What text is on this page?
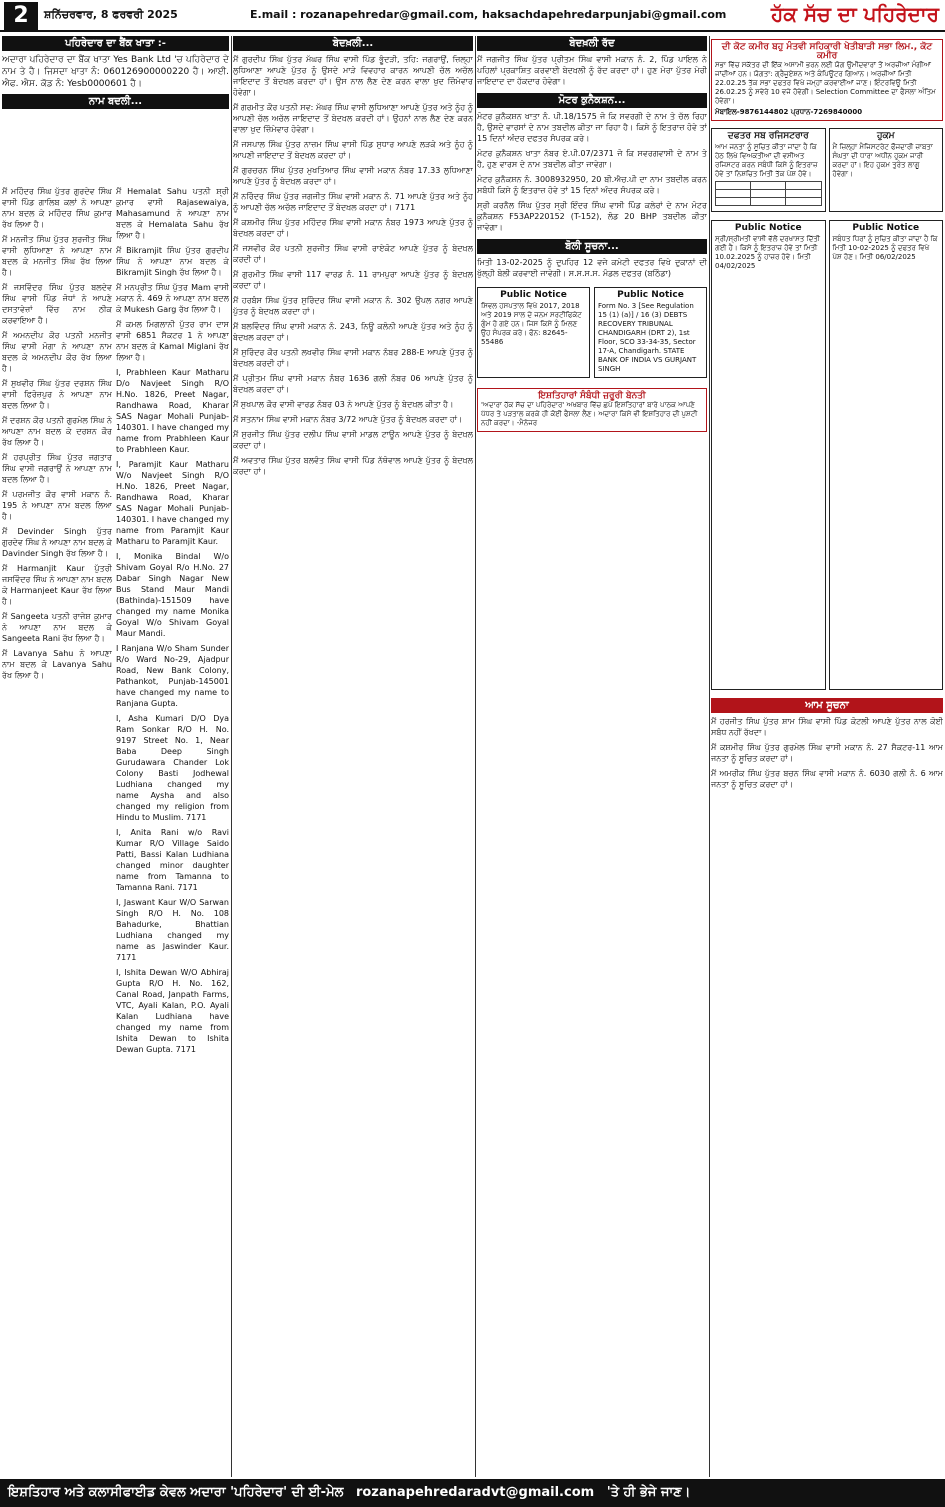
2	ਸ਼ਨਿੱਚਰਵਾਰ, 8 ਫਰਵਰੀ 2025	E.mail : rozanapehredar@gmail.com, haksachdapehredarpunjabi@gmail.com ਹੱਕ ਸੱਚ ਦਾ ਪਹਿਰੇਦਾਰ
ਪਹਿਰੇਦਾਰ ਦਾ ਬੈਂਕ ਖਾਤਾ :-
ਅਦਾਰਾ ਪਹਿਰੇਦਾਰ ਦਾ ਬੈਂਕ ਖਾਤਾ Yes Bank Ltd 'ਚ ਪਹਿਰੇਦਾਰ ਦੇ ਨਾਮ ਤੇ ਹੈ। ਜਿਸਦਾ ਖਾਤਾ ਨੰ: 060126900000220 ਹੈ। ਆਈ. ਐਫ. ਐਸ. ਕੋਡ ਨੰ: Yesb0000601 ਹੈ।
ਨਾਮ ਬਦਲੀ...
ਮੈਂ ਮਹਿੰਦਰ ਸਿੰਘ ਪੁੱਤਰ ਗੁਰਦੇਵ ਸਿੰਘ ਵਾਸੀ ਪਿੰਡ ਗਾਲਿਬ ਕਲਾਂ ਨੇ ਆਪਣਾ ਨਾਮ ਬਦਲ ਕੇ ਮਹਿੰਦਰ ਸਿੰਘ ਕੁਮਾਰ ਰੱਖ ਲਿਆ ਹੈ।
ਮੈਂ ਮਨਜੀਤ ਸਿੰਘ ਪੁੱਤਰ ਸੁਰਜੀਤ ਸਿੰਘ ਵਾਸੀ ਲੁਧਿਆਣਾ ਨੇ ਆਪਣਾ ਨਾਮ ਬਦਲ ਕੇ ਮਨਜੀਤ ਸਿੰਘ ਰੱਖ ਲਿਆ ਹੈ।
ਮੈਂ ਜਸਵਿੰਦਰ ਸਿੰਘ ਪੁੱਤਰ ਬਲਦੇਵ ਸਿੰਘ ਵਾਸੀ ਪਿੰਡ ਜੋਧਾਂ ਨੇ ਆਪਣੇ ਦਸਤਾਵੇਜ਼ਾਂ ਵਿੱਚ ਨਾਮ ਠੀਕ ਕਰਵਾਇਆ ਹੈ।
ਮੈਂ ਅਮਨਦੀਪ ਕੌਰ ਪਤਨੀ ਮਨਜੀਤ ਸਿੰਘ ਵਾਸੀ ਮੋਗਾ ਨੇ ਆਪਣਾ ਨਾਮ ਬਦਲ ਕੇ ਅਮਨਦੀਪ ਕੌਰ ਰੱਖ ਲਿਆ ਹੈ।
ਮੈਂ ਸੁਖਵੀਰ ਸਿੰਘ ਪੁੱਤਰ ਦਰਸ਼ਨ ਸਿੰਘ ਵਾਸੀ ਫਿਰੋਜ਼ਪੁਰ ਨੇ ਆਪਣਾ ਨਾਮ ਬਦਲ ਲਿਆ ਹੈ।
ਮੈਂ ਦਰਸ਼ਨ ਕੌਰ ਪਤਨੀ ਗੁਰਮੇਲ ਸਿੰਘ ਨੇ ਆਪਣਾ ਨਾਮ ਬਦਲ ਕੇ ਦਰਸ਼ਨ ਕੌਰ ਰੱਖ ਲਿਆ ਹੈ।
ਮੈਂ ਹਰਪ੍ਰੀਤ ਸਿੰਘ ਪੁੱਤਰ ਜਗਤਾਰ ਸਿੰਘ ਵਾਸੀ ਜਗਰਾਉਂ ਨੇ ਆਪਣਾ ਨਾਮ ਬਦਲ ਲਿਆ ਹੈ।
ਮੈਂ ਪਰਮਜੀਤ ਕੌਰ ਵਾਸੀ ਮਕਾਨ ਨੰ. 195 ਨੇ ਆਪਣਾ ਨਾਮ ਬਦਲ ਲਿਆ ਹੈ।
ਮੈਂ Devinder Singh ਪੁੱਤਰ ਗੁਰਦੇਵ ਸਿੰਘ ਨੇ ਆਪਣਾ ਨਾਮ ਬਦਲ ਕੇ Davinder Singh ਰੱਖ ਲਿਆ ਹੈ।
ਮੈਂ Harmanjit Kaur ਪੁੱਤਰੀ ਜਸਵਿੰਦਰ ਸਿੰਘ ਨੇ ਆਪਣਾ ਨਾਮ ਬਦਲ ਕੇ Harmanjeet Kaur ਰੱਖ ਲਿਆ ਹੈ।
ਮੈਂ Sangeeta ਪਤਨੀ ਰਾਜੇਸ਼ ਕੁਮਾਰ ਨੇ ਆਪਣਾ ਨਾਮ ਬਦਲ ਕੇ Sangeeta Rani ਰੱਖ ਲਿਆ ਹੈ।
ਮੈਂ Lavanya Sahu ਨੇ ਆਪਣਾ ਨਾਮ ਬਦਲ ਕੇ Lavanya Sahu ਰੱਖ ਲਿਆ ਹੈ।
ਮੈਂ Hemalat Sahu ਪਤਨੀ ਸ਼੍ਰੀ ਕੁਮਾਰ ਵਾਸੀ Rajasewaiya, Mahasamund ਨੇ ਆਪਣਾ ਨਾਮ ਬਦਲ ਕੇ Hemalata Sahu ਰੱਖ ਲਿਆ ਹੈ।
ਮੈਂ Bikramjit ਸਿੰਘ ਪੁੱਤਰ ਗੁਰਦੀਪ ਸਿੰਘ ਨੇ ਆਪਣਾ ਨਾਮ ਬਦਲ ਕੇ Bikramjit Singh ਰੱਖ ਲਿਆ ਹੈ।
ਮੈਂ ਮਨਪ੍ਰੀਤ ਸਿੰਘ ਪੁੱਤਰ Mam ਵਾਸੀ ਮਕਾਨ ਨੰ. 469 ਨੇ ਆਪਣਾ ਨਾਮ ਬਦਲ ਕੇ Mukesh Garg ਰੱਖ ਲਿਆ ਹੈ।
ਮੈਂ ਕਮਲ ਮਿਗਲਾਨੀ ਪੁੱਤਰ ਰਾਮ ਦਾਸ ਵਾਸੀ 6851 ਸੈਕਟਰ 1 ਨੇ ਆਪਣਾ ਨਾਮ ਬਦਲ ਕੇ Kamal Miglani ਰੱਖ ਲਿਆ ਹੈ।
I, Prabhleen Kaur Matharu D/o Navjeet Singh R/O H.No. 1826, Preet Nagar, Randhawa Road, Kharar SAS Nagar Mohali Punjab-140301. I have changed my name from Prabhleen Kaur to Prabhleen Kaur.
I, Paramjit Kaur Matharu W/o Navjeet Singh R/O H.No. 1826, Preet Nagar, Randhawa Road, Kharar SAS Nagar Mohali Punjab-140301. I have changed my name from Paramjit Kaur Matharu to Paramjit Kaur.
I, Monika Bindal W/o Shivam Goyal R/o H.No. 27 Dabar Singh Nagar New Bus Stand Maur Mandi (Bathinda)-151509 have changed my name Monika Goyal W/o Shivam Goyal Maur Mandi.
I Ranjana W/o Sham Sunder R/o Ward No-29, Ajadpur Road, New Bank Colony, Pathankot, Punjab-145001 have changed my name to Ranjana Gupta.
I, Asha Kumari D/O Dya Ram Sonkar R/O H. No. 9197 Street No. 1, Near Baba Deep Singh Gurudawara Chander Lok Colony Basti Jodhewal Ludhiana changed my name Aysha and also changed my religion from Hindu to Muslim. 7171
I, Anita Rani w/o Ravi Kumar R/O Village Saido Patti, Bassi Kalan Ludhiana changed minor daughter name from Tamanna to Tamanna Rani. 7171
I, Jaswant Kaur W/O Sarwan Singh R/O H. No. 108 Bahadurke, Bhattian Ludhiana changed my name as Jaswinder Kaur. 7171
I, Ishita Dewan W/O Abhiraj Gupta R/O H. No. 162, Canal Road, Janpath Farms, VTC, Ayali Kalan, P.O. Ayali Kalan Ludhiana have changed my name from Ishita Dewan to Ishita Dewan Gupta. 7171
ਬੇਦਖ਼ਲੀ...
ਮੈਂ ਗੁਰਦੀਪ ਸਿੰਘ ਪੁੱਤਰ ਮੱਘਰ ਸਿੰਘ ਵਾਸੀ ਪਿੰਡ ਭੂੰਦੜੀ, ਤਹਿ: ਜਗਰਾਉਂ, ਜ਼ਿਲ੍ਹਾ ਲੁਧਿਆਣਾ ਆਪਣੇ ਪੁੱਤਰ ਨੂੰ ਉਸਦੇ ਮਾੜੇ ਵਿਵਹਾਰ ਕਾਰਨ ਆਪਣੀ ਚੱਲ ਅਚੱਲ ਜਾਇਦਾਦ ਤੋਂ ਬੇਦਖ਼ਲ ਕਰਦਾ ਹਾਂ। ਉਸ ਨਾਲ ਲੈਣ ਦੇਣ ਕਰਨ ਵਾਲਾ ਖੁਦ ਜ਼ਿੰਮੇਵਾਰ ਹੋਵੇਗਾ।
ਮੈਂ ਗਰਮੀਤ ਕੌਰ ਪਤਨੀ ਸਵ: ਮੱਘਰ ਸਿੰਘ ਵਾਸੀ ਲੁਧਿਆਣਾ ਆਪਣੇ ਪੁੱਤਰ ਅਤੇ ਨੂੰਹ ਨੂੰ ਆਪਣੀ ਚੱਲ ਅਚੱਲ ਜਾਇਦਾਦ ਤੋਂ ਬੇਦਖ਼ਲ ਕਰਦੀ ਹਾਂ। ਉਹਨਾਂ ਨਾਲ ਲੈਣ ਦੇਣ ਕਰਨ ਵਾਲਾ ਖੁਦ ਜ਼ਿੰਮੇਵਾਰ ਹੋਵੇਗਾ।
ਮੈਂ ਜਸਪਾਲ ਸਿੰਘ ਪੁੱਤਰ ਨਾਜ਼ਮ ਸਿੰਘ ਵਾਸੀ ਪਿੰਡ ਸੁਧਾਰ ਆਪਣੇ ਲੜਕੇ ਅਤੇ ਨੂੰਹ ਨੂੰ ਆਪਣੀ ਜਾਇਦਾਦ ਤੋਂ ਬੇਦਖ਼ਲ ਕਰਦਾ ਹਾਂ।
ਮੈਂ ਗੁਰਚਰਨ ਸਿੰਘ ਪੁੱਤਰ ਮੁਖਤਿਆਰ ਸਿੰਘ ਵਾਸੀ ਮਕਾਨ ਨੰਬਰ 17.33 ਲੁਧਿਆਣਾ ਆਪਣੇ ਪੁੱਤਰ ਨੂੰ ਬੇਦਖ਼ਲ ਕਰਦਾ ਹਾਂ।
ਮੈਂ ਨਰਿੰਦਰ ਸਿੰਘ ਪੁੱਤਰ ਜਗਜੀਤ ਸਿੰਘ ਵਾਸੀ ਮਕਾਨ ਨੰ. 71 ਆਪਣੇ ਪੁੱਤਰ ਅਤੇ ਨੂੰਹ ਨੂੰ ਆਪਣੀ ਚੱਲ ਅਚੱਲ ਜਾਇਦਾਦ ਤੋਂ ਬੇਦਖ਼ਲ ਕਰਦਾ ਹਾਂ। 7171
ਮੈਂ ਕਸ਼ਮੀਰ ਸਿੰਘ ਪੁੱਤਰ ਮਹਿੰਦਰ ਸਿੰਘ ਵਾਸੀ ਮਕਾਨ ਨੰਬਰ 1973 ਆਪਣੇ ਪੁੱਤਰ ਨੂੰ ਬੇਦਖ਼ਲ ਕਰਦਾ ਹਾਂ।
ਮੈਂ ਜਸਵੀਰ ਕੌਰ ਪਤਨੀ ਸੁਰਜੀਤ ਸਿੰਘ ਵਾਸੀ ਰਾਏਕੋਟ ਆਪਣੇ ਪੁੱਤਰ ਨੂੰ ਬੇਦਖ਼ਲ ਕਰਦੀ ਹਾਂ।
ਮੈਂ ਗੁਰਮੀਤ ਸਿੰਘ ਵਾਸੀ 117 ਵਾਰਡ ਨੰ. 11 ਰਾਮਪੁਰਾ ਆਪਣੇ ਪੁੱਤਰ ਨੂੰ ਬੇਦਖ਼ਲ ਕਰਦਾ ਹਾਂ।
ਮੈਂ ਹਰਬੰਸ ਸਿੰਘ ਪੁੱਤਰ ਸੁਰਿੰਦਰ ਸਿੰਘ ਵਾਸੀ ਮਕਾਨ ਨੰ. 302 ਉਪਲ ਨਗਰ ਆਪਣੇ ਪੁੱਤਰ ਨੂੰ ਬੇਦਖ਼ਲ ਕਰਦਾ ਹਾਂ।
ਮੈਂ ਬਲਵਿੰਦਰ ਸਿੰਘ ਵਾਸੀ ਮਕਾਨ ਨੰ. 243, ਨਿਊ ਕਲੋਨੀ ਆਪਣੇ ਪੁੱਤਰ ਅਤੇ ਨੂੰਹ ਨੂੰ ਬੇਦਖ਼ਲ ਕਰਦਾ ਹਾਂ।
ਮੈਂ ਸੁਰਿੰਦਰ ਕੌਰ ਪਤਨੀ ਲਖਵੀਰ ਸਿੰਘ ਵਾਸੀ ਮਕਾਨ ਨੰਬਰ 288-E ਆਪਣੇ ਪੁੱਤਰ ਨੂੰ ਬੇਦਖ਼ਲ ਕਰਦੀ ਹਾਂ।
ਮੈਂ ਪ੍ਰੀਤਮ ਸਿੰਘ ਵਾਸੀ ਮਕਾਨ ਨੰਬਰ 1636 ਗਲੀ ਨੰਬਰ 06 ਆਪਣੇ ਪੁੱਤਰ ਨੂੰ ਬੇਦਖ਼ਲ ਕਰਦਾ ਹਾਂ।
ਮੈਂ ਸੁਖਪਾਲ ਕੌਰ ਵਾਸੀ ਵਾਰਡ ਨੰਬਰ 03 ਨੇ ਆਪਣੇ ਪੁੱਤਰ ਨੂੰ ਬੇਦਖ਼ਲ ਕੀਤਾ ਹੈ।
ਮੈਂ ਸਤਨਾਮ ਸਿੰਘ ਵਾਸੀ ਮਕਾਨ ਨੰਬਰ 3/72 ਆਪਣੇ ਪੁੱਤਰ ਨੂੰ ਬੇਦਖ਼ਲ ਕਰਦਾ ਹਾਂ।
ਮੈਂ ਸੁਰਜੀਤ ਸਿੰਘ ਪੁੱਤਰ ਦਲੀਪ ਸਿੰਘ ਵਾਸੀ ਮਾਡਲ ਟਾਊਨ ਆਪਣੇ ਪੁੱਤਰ ਨੂੰ ਬੇਦਖ਼ਲ ਕਰਦਾ ਹਾਂ।
ਮੈਂ ਅਵਤਾਰ ਸਿੰਘ ਪੁੱਤਰ ਬਲਵੰਤ ਸਿੰਘ ਵਾਸੀ ਪਿੰਡ ਨੱਥੋਵਾਲ ਆਪਣੇ ਪੁੱਤਰ ਨੂੰ ਬੇਦਖ਼ਲ ਕਰਦਾ ਹਾਂ।
ਬੇਦਖ਼ਲੀ ਰੱਦ
ਮੈਂ ਜਗਜੀਤ ਸਿੰਘ ਪੁੱਤਰ ਪ੍ਰੀਤਮ ਸਿੰਘ ਵਾਸੀ ਮਕਾਨ ਨੰ. 2, ਪਿੰਡ ਪਾਇਲ ਨੇ ਪਹਿਲਾਂ ਪ੍ਰਕਾਸ਼ਿਤ ਕਰਵਾਈ ਬੇਦਖ਼ਲੀ ਨੂੰ ਰੱਦ ਕਰਦਾ ਹਾਂ। ਹੁਣ ਮੇਰਾ ਪੁੱਤਰ ਮੇਰੀ ਜਾਇਦਾਦ ਦਾ ਹੱਕਦਾਰ ਹੋਵੇਗਾ।
ਮੋਟਰ ਕੁਨੈਕਸ਼ਨ...
ਮੋਟਰ ਕੁਨੈਕਸ਼ਨ ਖਾਤਾ ਨੰ. ਪੀ.18/1575 ਜੋ ਕਿ ਸਵਰਗੀ ਦੇ ਨਾਮ ਤੇ ਚੱਲ ਰਿਹਾ ਹੈ, ਉਸਦੇ ਵਾਰਸਾਂ ਦੇ ਨਾਮ ਤਬਦੀਲ ਕੀਤਾ ਜਾ ਰਿਹਾ ਹੈ। ਕਿਸੇ ਨੂੰ ਇਤਰਾਜ਼ ਹੋਵੇ ਤਾਂ 15 ਦਿਨਾਂ ਅੰਦਰ ਦਫਤਰ ਸੰਪਰਕ ਕਰੇ।
ਮੋਟਰ ਕੁਨੈਕਸ਼ਨ ਖਾਤਾ ਨੰਬਰ ਏ.ਪੀ.07/2371 ਜੋ ਕਿ ਸਵਰਗਵਾਸੀ ਦੇ ਨਾਮ ਤੇ ਹੈ, ਹੁਣ ਵਾਰਸ ਦੇ ਨਾਮ ਤਬਦੀਲ ਕੀਤਾ ਜਾਵੇਗਾ।
ਮੋਟਰ ਕੁਨੈਕਸ਼ਨ ਨੰ. 3008932950, 20 ਬੀ.ਐਚ.ਪੀ ਦਾ ਨਾਮ ਤਬਦੀਲ ਕਰਨ ਸਬੰਧੀ ਕਿਸੇ ਨੂੰ ਇਤਰਾਜ਼ ਹੋਵੇ ਤਾਂ 15 ਦਿਨਾਂ ਅੰਦਰ ਸੰਪਰਕ ਕਰੇ।
ਸ੍ਰੀ ਕਰਨੈਲ ਸਿੰਘ ਪੁੱਤਰ ਸ੍ਰੀ ਇੰਦਰ ਸਿੰਘ ਵਾਸੀ ਪਿੰਡ ਕਲੇਰਾਂ ਦੇ ਨਾਮ ਮੋਟਰ ਕੁਨੈਕਸ਼ਨ F53AP220152 (T-152), ਲੋਡ 20 BHP ਤਬਦੀਲ ਕੀਤਾ ਜਾਵੇਗਾ।
ਬੋਲੀ ਸੂਚਨਾ...
ਮਿਤੀ 13-02-2025 ਨੂੰ ਦੁਪਹਿਰ 12 ਵਜੇ ਕਮੇਟੀ ਦਫਤਰ ਵਿਖੇ ਦੁਕਾਨਾਂ ਦੀ ਖੁੱਲ੍ਹੀ ਬੋਲੀ ਕਰਵਾਈ ਜਾਵੇਗੀ। ਸ.ਸ.ਸ.ਸ. ਮੰਡਲ ਦਫਤਰ (ਬਠਿੰਡਾ)
Public Notice
ਸਿਵਲ ਹਸਪਤਾਲ ਵਿਖੇ 2017, 2018 ਅਤੇ 2019 ਸਾਲ ਦੇ ਜਨਮ ਸਰਟੀਫਿਕੇਟ ਗੁੰਮ ਹੋ ਗਏ ਹਨ। ਜਿਸ ਕਿਸੇ ਨੂੰ ਮਿਲਣ ਉਹ ਸੰਪਰਕ ਕਰੇ। ਫੋਨ: 82645-55486
Public Notice
Form No. 3 [See Regulation 15 (1) (a)] / 16 (3) DEBTS RECOVERY TRIBUNAL CHANDIGARH (DRT 2), 1st Floor, SCO 33-34-35, Sector 17-A, Chandigarh. STATE BANK OF INDIA VS GURJANT SINGH
ਇਸ਼ਤਿਹਾਰਾਂ ਸੰਬੰਧੀ ਜ਼ਰੂਰੀ ਬੇਨਤੀ
'ਅਦਾਰਾ ਹੱਕ ਸੱਚ ਦਾ ਪਹਿਰੇਦਾਰ' ਅਖਬਾਰ ਵਿੱਚ ਛਪੇ ਇਸ਼ਤਿਹਾਰਾਂ ਬਾਰੇ ਪਾਠਕ ਆਪਣੇ ਪੱਧਰ ਤੇ ਪੜਤਾਲ ਕਰਕੇ ਹੀ ਕੋਈ ਫੈਸਲਾ ਲੈਣ। ਅਦਾਰਾ ਕਿਸੇ ਵੀ ਇਸ਼ਤਿਹਾਰ ਦੀ ਪੁਸ਼ਟੀ ਨਹੀਂ ਕਰਦਾ। -ਮੈਨੇਜਰ
ਦੀ ਕੋਟ ਕਮੀਰ ਬਹੁ ਮੰਤਵੀ ਸਹਿਕਾਰੀ ਖੇਤੀਬਾੜੀ ਸਭਾ ਲਿਮ., ਕੋਟ ਕਮੀਰ
ਸਭਾ ਵਿੱਚ ਸਕੱਤਰ ਦੀ ਇੱਕ ਅਸਾਮੀ ਭਰਨ ਲਈ ਯੋਗ ਉਮੀਦਵਾਰਾਂ ਤੋਂ ਅਰਜ਼ੀਆਂ ਮੰਗੀਆਂ ਜਾਂਦੀਆਂ ਹਨ। ਯੋਗਤਾ: ਗ੍ਰੈਜੂਏਸ਼ਨ ਅਤੇ ਕੰਪਿਊਟਰ ਗਿਆਨ। ਅਰਜ਼ੀਆਂ ਮਿਤੀ 22.02.25 ਤੱਕ ਸਭਾ ਦਫਤਰ ਵਿਖੇ ਜਮ੍ਹਾਂ ਕਰਵਾਈਆਂ ਜਾਣ। ਇੰਟਰਵਿਊ ਮਿਤੀ 26.02.25 ਨੂੰ ਸਵੇਰੇ 10 ਵਜੇ ਹੋਵੇਗੀ। Selection Committee ਦਾ ਫੈਸਲਾ ਅੰਤਿਮ ਹੋਵੇਗਾ।
ਮੋਬਾਇਲ-9876144802 ਪ੍ਰਧਾਨ-7269840000
ਦਫਤਰ ਸਬ ਰਜਿਸਟਰਾਰ
ਆਮ ਜਨਤਾ ਨੂੰ ਸੂਚਿਤ ਕੀਤਾ ਜਾਂਦਾ ਹੈ ਕਿ ਹੇਠ ਲਿਖੇ ਵਿਅਕਤੀਆਂ ਦੀ ਵਸੀਅਤ ਰਜਿਸਟਰ ਕਰਨ ਸਬੰਧੀ ਕਿਸੇ ਨੂੰ ਇਤਰਾਜ਼ ਹੋਵੇ ਤਾਂ ਨਿਸ਼ਚਿਤ ਮਿਤੀ ਤੱਕ ਪੇਸ਼ ਹੋਵੇ।

ਹੁਕਮ
ਮੈਂ ਜ਼ਿਲ੍ਹਾ ਮੈਜਿਸਟਰੇਟ ਫੌਜਦਾਰੀ ਜ਼ਾਬਤਾ ਸੰਘਤਾ ਦੀ ਧਾਰਾ ਅਧੀਨ ਹੁਕਮ ਜਾਰੀ ਕਰਦਾ ਹਾਂ। ਇਹ ਹੁਕਮ ਤੁਰੰਤ ਲਾਗੂ ਹੋਵੇਗਾ।
Public Notice
ਸ੍ਰੀ/ਸ੍ਰੀਮਤੀ ਵਾਸੀ ਵੱਲੋਂ ਦਰਖਾਸਤ ਦਿੱਤੀ ਗਈ ਹੈ। ਕਿਸੇ ਨੂੰ ਇਤਰਾਜ਼ ਹੋਵੇ ਤਾਂ ਮਿਤੀ 10.02.2025 ਨੂੰ ਹਾਜ਼ਰ ਹੋਵੇ। ਮਿਤੀ 04/02/2025
Public Notice
ਸਬੰਧਤ ਧਿਰਾਂ ਨੂੰ ਸੂਚਿਤ ਕੀਤਾ ਜਾਂਦਾ ਹੈ ਕਿ ਮਿਤੀ 10-02-2025 ਨੂੰ ਦਫਤਰ ਵਿਖੇ ਪੇਸ਼ ਹੋਣ। ਮਿਤੀ 06/02/2025
ਆਮ ਸੂਚਨਾ
ਮੈਂ ਹਰਜੀਤ ਸਿੰਘ ਪੁੱਤਰ ਸ਼ਾਮ ਸਿੰਘ ਵਾਸੀ ਪਿੰਡ ਕੋਟਲੀ ਆਪਣੇ ਪੁੱਤਰ ਨਾਲ ਕੋਈ ਸਬੰਧ ਨਹੀਂ ਰੱਖਦਾ।
ਮੈਂ ਕਸ਼ਮੀਰ ਸਿੰਘ ਪੁੱਤਰ ਗੁਰਮੇਲ ਸਿੰਘ ਵਾਸੀ ਮਕਾਨ ਨੰ. 27 ਸੈਕਟਰ-11 ਆਮ ਜਨਤਾ ਨੂੰ ਸੂਚਿਤ ਕਰਦਾ ਹਾਂ।
ਮੈਂ ਅਮਰੀਕ ਸਿੰਘ ਪੁੱਤਰ ਬਚਨ ਸਿੰਘ ਵਾਸੀ ਮਕਾਨ ਨੰ. 6030 ਗਲੀ ਨੰ. 6 ਆਮ ਜਨਤਾ ਨੂੰ ਸੂਚਿਤ ਕਰਦਾ ਹਾਂ।
ਇਸ਼ਤਿਹਾਰ ਅਤੇ ਕਲਾਸੀਫਾਈਡ ਕੇਵਲ ਅਦਾਰਾ 'ਪਹਿਰੇਦਾਰ' ਦੀ ਈ-ਮੇਲ rozanapehredaradvt@gmail.com 'ਤੇ ਹੀ ਭੇਜੇ ਜਾਣ।
